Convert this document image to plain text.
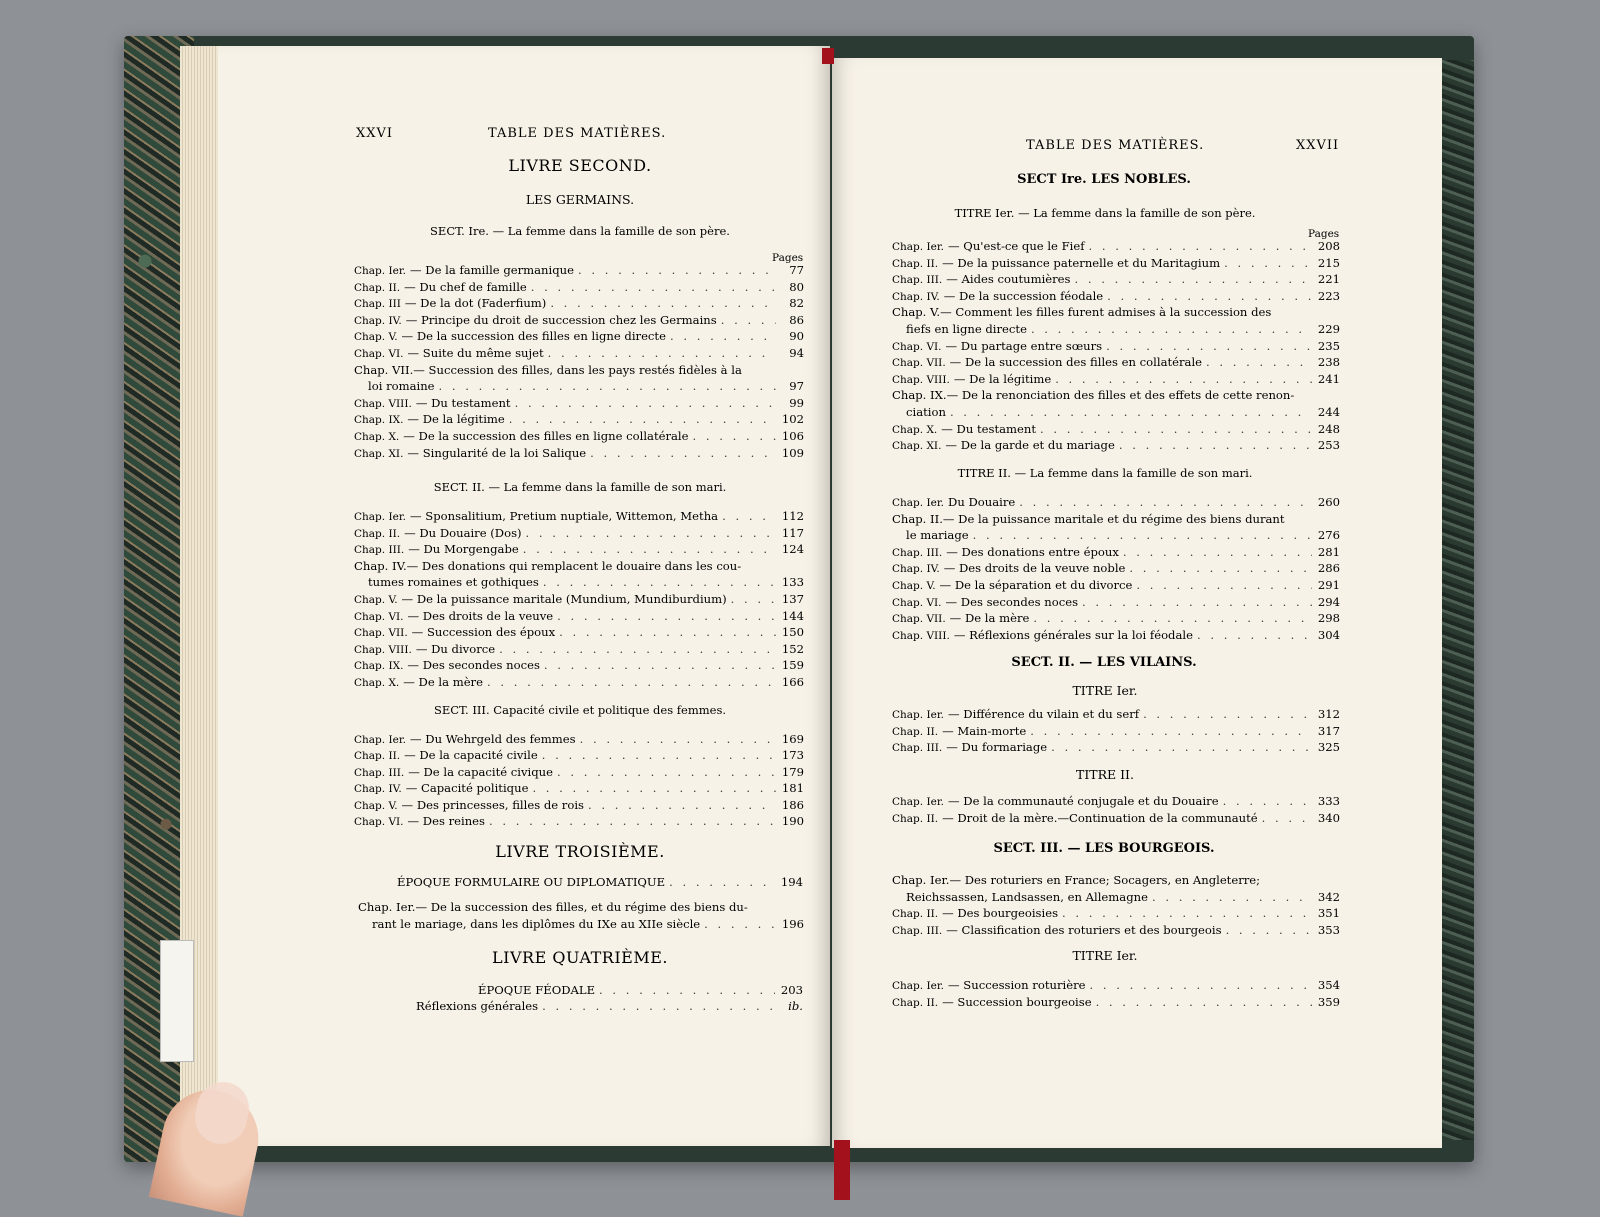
XXVI	TABLE DES MATIÈRES.
LIVRE SECOND.
LES GERMAINS.
SECT. Ire. — La femme dans la famille de son père.
Pages
Chap. Ier. — De la famille germanique . . .	77
Chap. II. — Du chef de famille . . .	80
Chap. III — De la dot (Faderfium) . . .	82
Chap. IV. — Principe du droit de succession chez les Germains . . .	86
Chap. V. — De la succession des filles en ligne directe . . .	90
Chap. VI. — Suite du même sujet . . .	94
Chap. VII.— Succession des filles, dans les pays restés fidèles à la
loi romaine . . .	97
Chap. VIII. — Du testament . . .	99
Chap. IX. — De la légitime . . .	102
Chap. X. — De la succession des filles en ligne collatérale . . .	106
Chap. XI. — Singularité de la loi Salique . . .	109
SECT. II. — La femme dans la famille de son mari.
Chap. Ier. — Sponsalitium, Pretium nuptiale, Wittemon, Metha . . .	112
Chap. II. — Du Douaire (Dos) . . .	117
Chap. III. — Du Morgengabe . . .	124
Chap. IV.— Des donations qui remplacent le douaire dans les cou-
tumes romaines et gothiques . . .	133
Chap. V. — De la puissance maritale (Mundium, Mundiburdium) . . .	137
Chap. VI. — Des droits de la veuve . . .	144
Chap. VII. — Succession des époux . . .	150
Chap. VIII. — Du divorce . . .	152
Chap. IX. — Des secondes noces . . .	159
Chap. X. — De la mère . . .	166
SECT. III. Capacité civile et politique des femmes.
Chap. Ier. — Du Wehrgeld des femmes . . .	169
Chap. II. — De la capacité civile . . .	173
Chap. III. — De la capacité civique . . .	179
Chap. IV. — Capacité politique . . .	181
Chap. V. — Des princesses, filles de rois . . .	186
Chap. VI. — Des reines . . .	190
LIVRE TROISIÈME.
ÉPOQUE FORMULAIRE OU DIPLOMATIQUE . . .	194
Chap. Ier.— De la succession des filles, et du régime des biens du-
rant le mariage, dans les diplômes du IXe au XIIe siècle . . .	196
LIVRE QUATRIÈME.
ÉPOQUE FÉODALE . . .	203
Réflexions générales . . .	ib.
TABLE DES MATIÈRES.	XXVII
SECT Ire. LES NOBLES.
TITRE Ier. — La femme dans la famille de son père.
Pages
Chap. Ier. — Qu'est-ce que le Fief . . .	208
Chap. II. — De la puissance paternelle et du Maritagium . . .	215
Chap. III. — Aides coutumières . . .	221
Chap. IV. — De la succession féodale . . .	223
Chap. V.— Comment les filles furent admises à la succession des
fiefs en ligne directe . . .	229
Chap. VI. — Du partage entre sœurs . . .	235
Chap. VII. — De la succession des filles en collatérale . . .	238
Chap. VIII. — De la légitime . . .	241
Chap. IX.— De la renonciation des filles et des effets de cette renon-
ciation . . .	244
Chap. X. — Du testament . . .	248
Chap. XI. — De la garde et du mariage . . .	253
TITRE II. — La femme dans la famille de son mari.
Chap. Ier. Du Douaire . . .	260
Chap. II.— De la puissance maritale et du régime des biens durant
le mariage . . .	276
Chap. III. — Des donations entre époux . . .	281
Chap. IV. — Des droits de la veuve noble . . .	286
Chap. V. — De la séparation et du divorce . . .	291
Chap. VI. — Des secondes noces . . .	294
Chap. VII. — De la mère . . .	298
Chap. VIII. — Réflexions générales sur la loi féodale . . .	304
SECT. II. — LES VILAINS.
TITRE Ier.
Chap. Ier. — Différence du vilain et du serf . . .	312
Chap. II. — Main-morte . . .	317
Chap. III. — Du formariage . . .	325
TITRE II.
Chap. Ier. — De la communauté conjugale et du Douaire . . .	333
Chap. II. — Droit de la mère.—Continuation de la communauté . . .	340
SECT. III. — LES BOURGEOIS.
Chap. Ier.— Des roturiers en France; Socagers, en Angleterre;
Reichssassen, Landsassen, en Allemagne . . .	342
Chap. II. — Des bourgeoisies . . .	351
Chap. III. — Classification des roturiers et des bourgeois . . .	353
TITRE Ier.
Chap. Ier. — Succession roturière . . .	354
Chap. II. — Succession bourgeoise . . .	359
